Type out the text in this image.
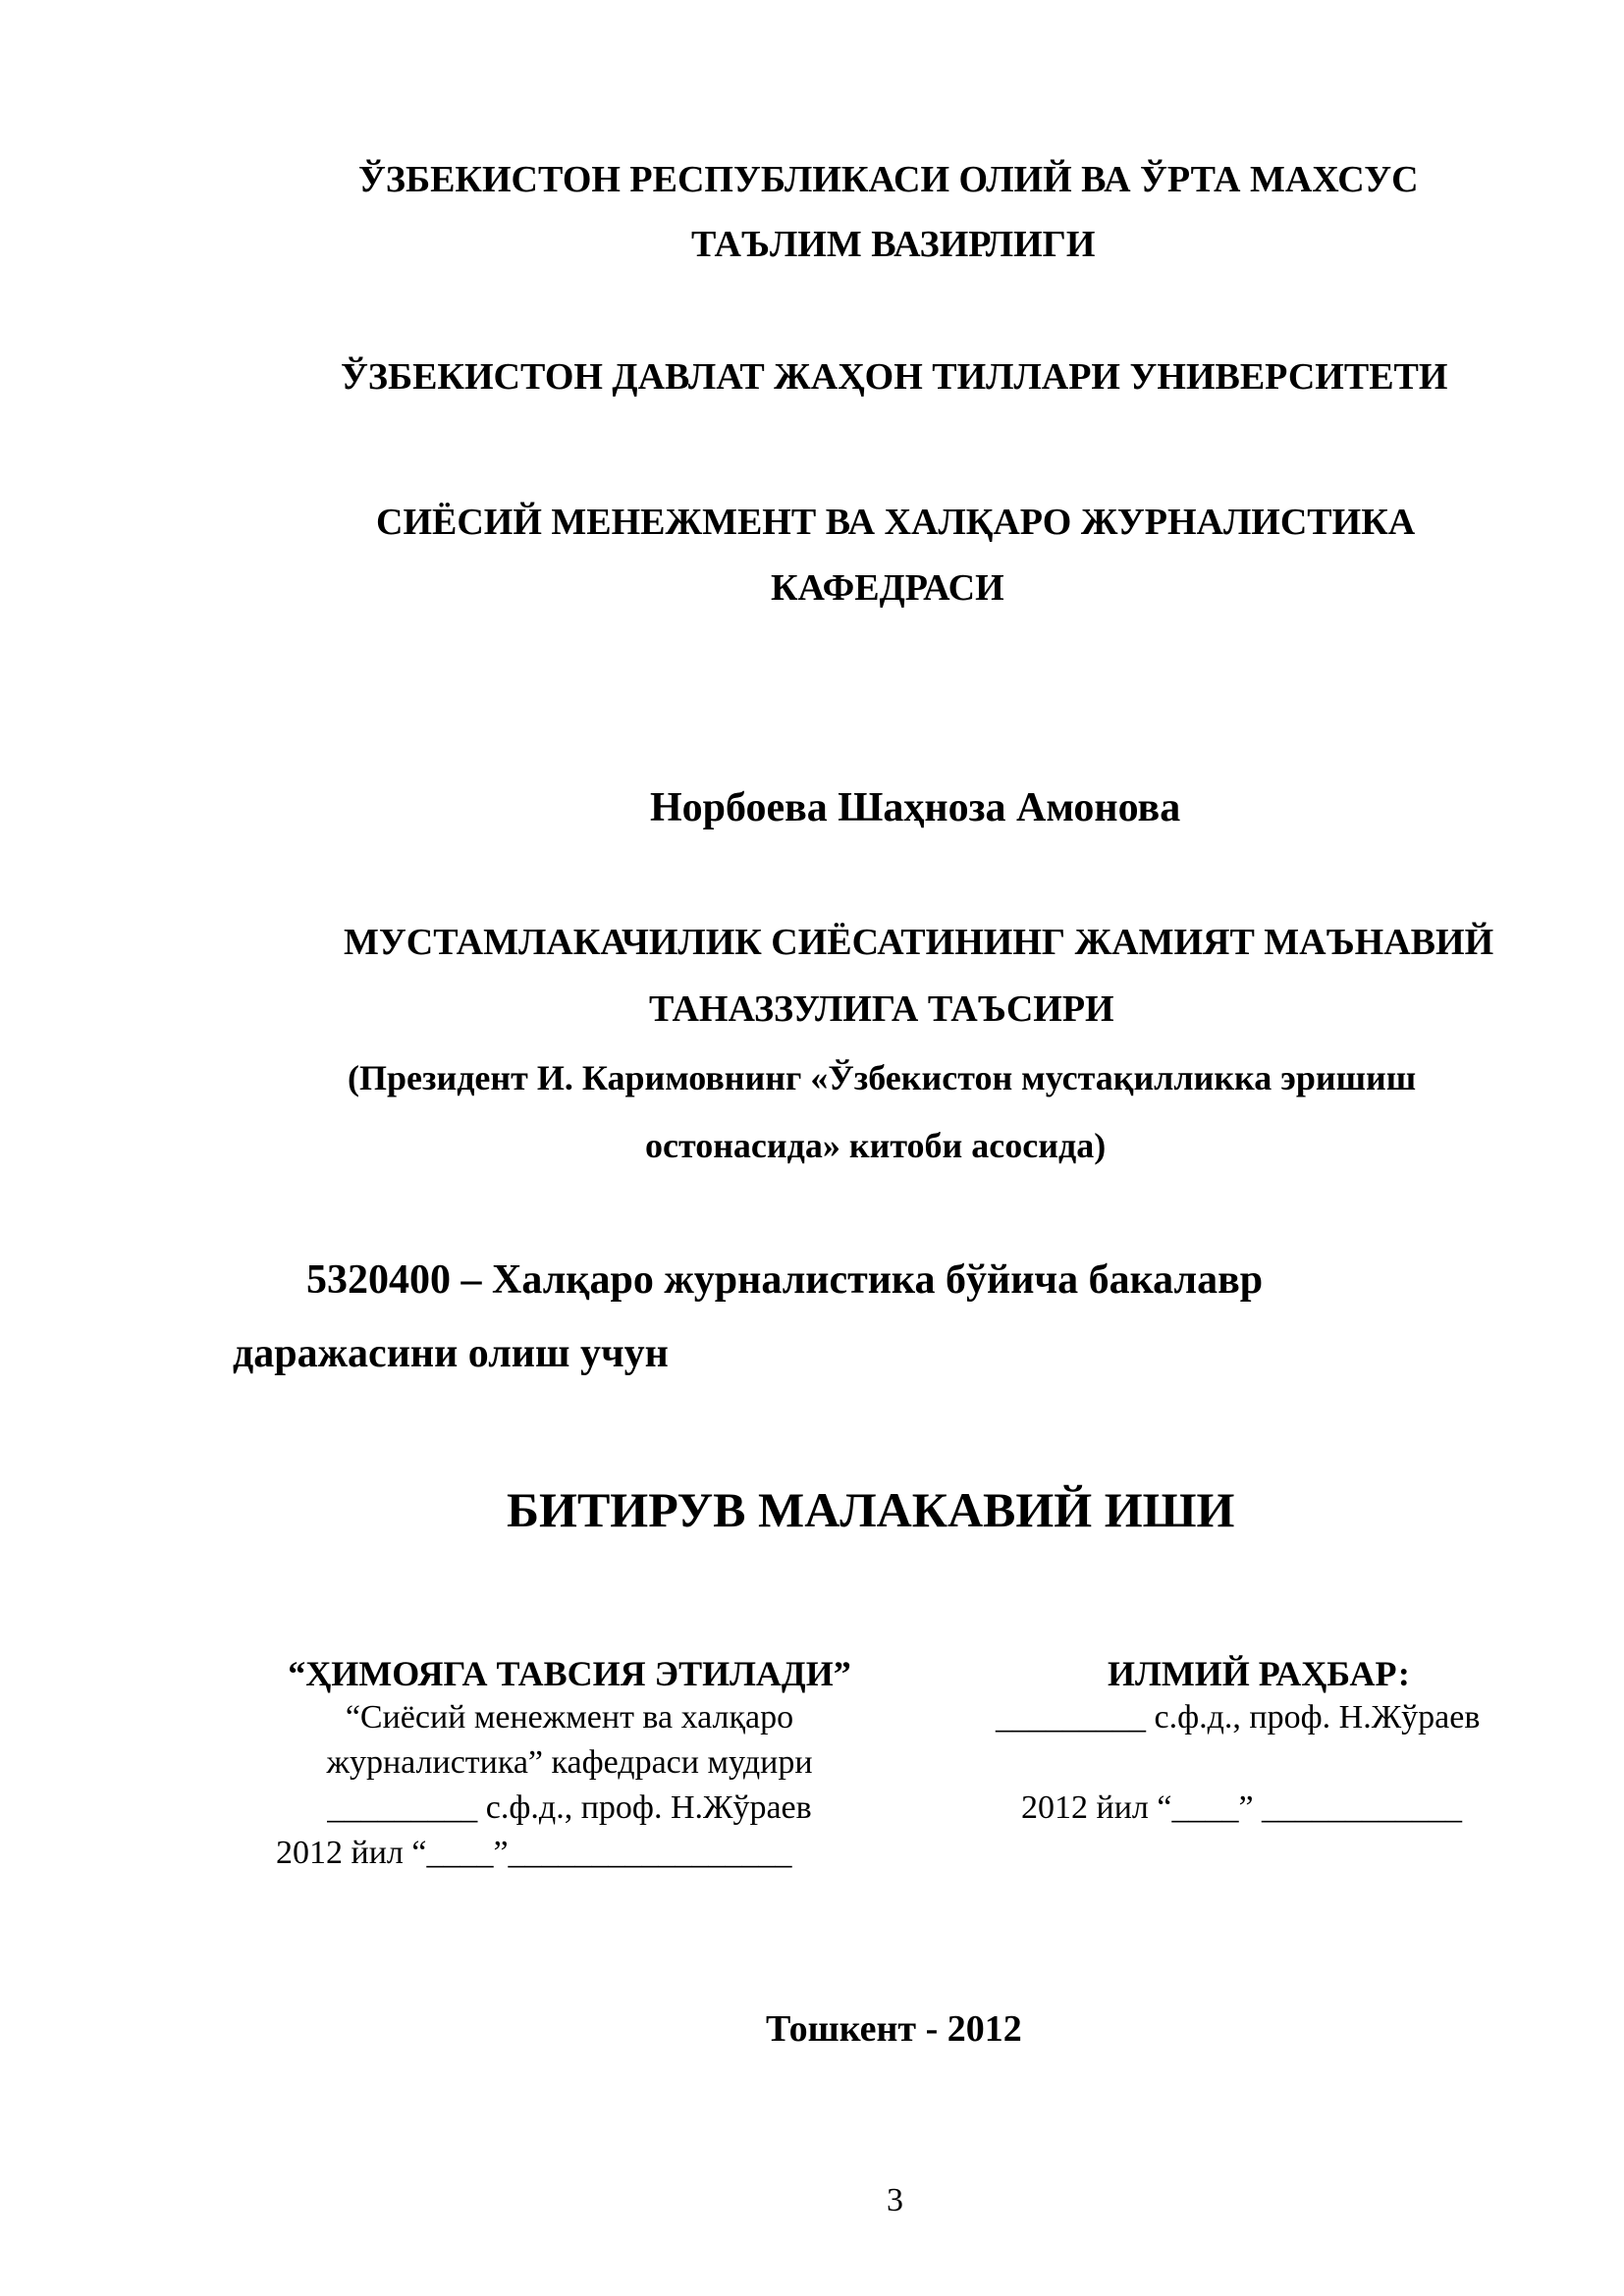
ЎЗБЕКИСТОН РЕСПУБЛИКАСИ ОЛИЙ ВА ЎРТА МАХСУС
ТАЪЛИМ ВАЗИРЛИГИ
ЎЗБЕКИСТОН ДАВЛАТ ЖАҲОН ТИЛЛАРИ УНИВЕРСИТЕТИ
СИЁСИЙ МЕНЕЖМЕНТ ВА ХАЛҚАРО ЖУРНАЛИСТИКА
КАФЕДРАСИ
Норбоева Шаҳноза Амонова
МУСТАМЛАКАЧИЛИК СИЁСАТИНИНГ ЖАМИЯТ МАЪНАВИЙ
ТАНАЗЗУЛИГА ТАЪСИРИ
(Президент И. Каримовнинг «Ўзбекистон мустақилликка эришиш
остонасида» китоби асосида)
5320400 – Халқаро журналистика бўйича бакалавр
даражасини олиш учун
БИТИРУВ МАЛАКАВИЙ ИШИ
“ҲИМОЯГА ТАВСИЯ ЭТИЛАДИ”
“Сиёсий менежмент ва халқаро
журналистика” кафедраси мудири
_________ с.ф.д., проф. Н.Жўраев
2012 йил “____”_________________
ИЛМИЙ РАҲБАР:
_________ с.ф.д., проф. Н.Жўраев
2012 йил “____” ____________
Тошкент - 2012
3
